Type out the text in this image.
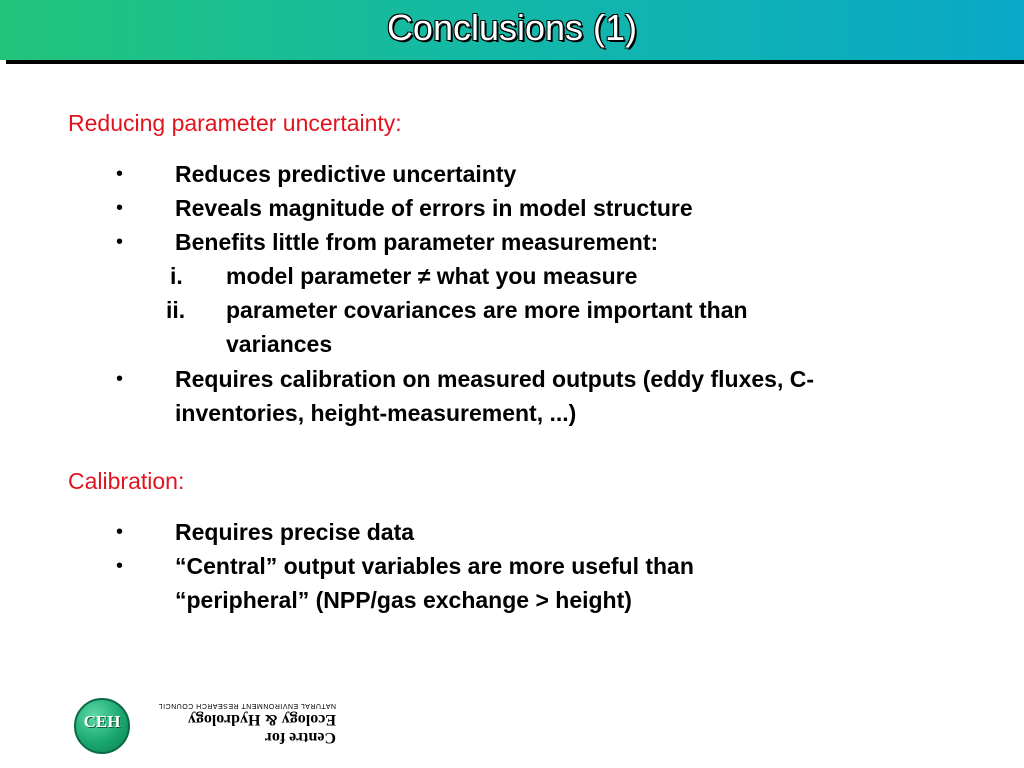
Conclusions (1)
Reducing parameter uncertainty:
• Reduces predictive uncertainty
• Reveals magnitude of errors in model structure
• Benefits little from parameter measurement:
i. model parameter ≠ what you measure
ii. parameter covariances are more important than
variances
• Requires calibration on measured outputs (eddy fluxes, C-
inventories, height-measurement, ...)
Calibration:
• Requires precise data
• “Central” output variables are more useful than
“peripheral” (NPP/gas exchange > height)
CEH
Centre for
Ecology & Hydrology
NATURAL ENVIRONMENT RESEARCH COUNCIL
